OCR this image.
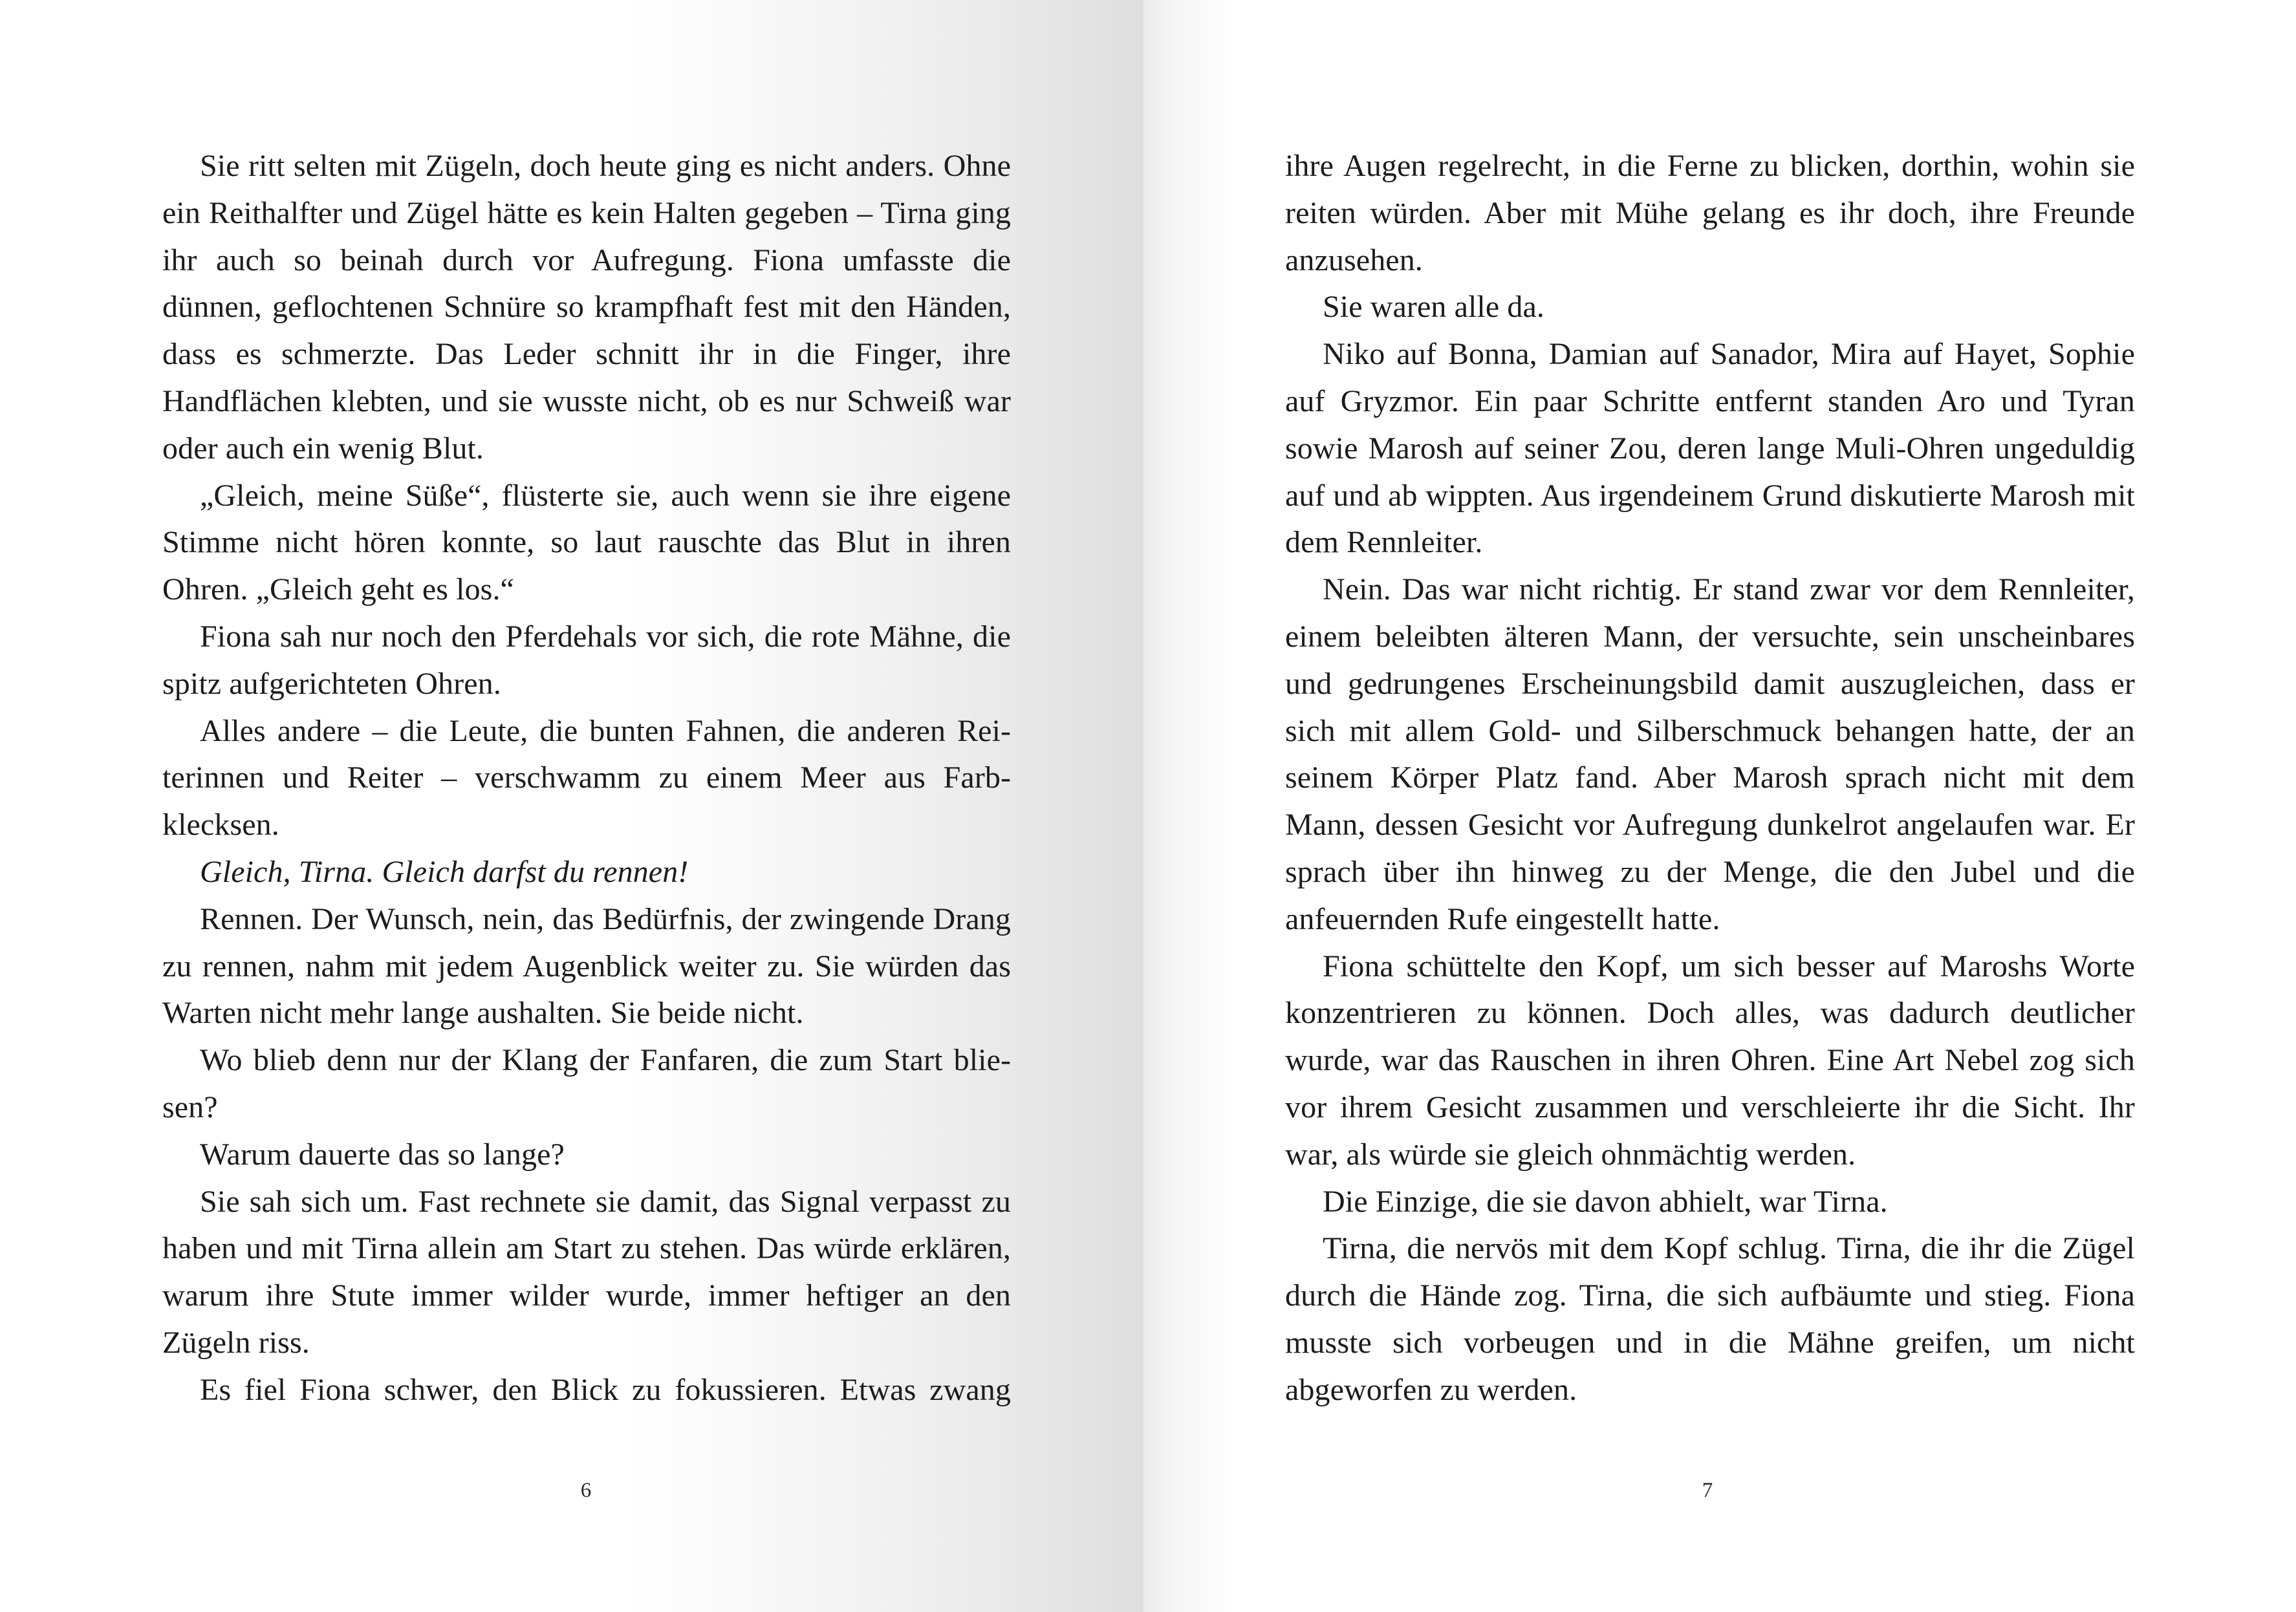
Sie ritt selten mit Zügeln, doch heute ging es nicht anders. Ohne ein Reithalfter und Zügel hätte es kein Halten gegeben – Tirna ging ihr auch so beinah durch vor Aufregung. Fiona umfasste die dünnen, geflochtenen Schnüre so krampfhaft fest mit den Händen, dass es schmerzte. Das Leder schnitt ihr in die Finger, ihre Handflächen klebten, und sie wusste nicht, ob es nur Schweiß war oder auch ein wenig Blut.

„Gleich, meine Süße“, flüsterte sie, auch wenn sie ihre eigene Stimme nicht hören konnte, so laut rauschte das Blut in ihren Ohren. „Gleich geht es los.“

Fiona sah nur noch den Pferdehals vor sich, die rote Mähne, die spitz aufgerichteten Ohren.

Alles andere – die Leute, die bunten Fahnen, die anderen Reiterinnen und Reiter – verschwamm zu einem Meer aus Farbklecksen.

Gleich, Tirna. Gleich darfst du rennen!

Rennen. Der Wunsch, nein, das Bedürfnis, der zwingende Drang zu rennen, nahm mit jedem Augenblick weiter zu. Sie würden das Warten nicht mehr lange aushalten. Sie beide nicht.

Wo blieb denn nur der Klang der Fanfaren, die zum Start bliesen?

Warum dauerte das so lange?

Sie sah sich um. Fast rechnete sie damit, das Signal verpasst zu haben und mit Tirna allein am Start zu stehen. Das würde erklären, warum ihre Stute immer wilder wurde, immer heftiger an den Zügeln riss.

Es fiel Fiona schwer, den Blick zu fokussieren. Etwas zwang

6

ihre Augen regelrecht, in die Ferne zu blicken, dorthin, wohin sie reiten würden. Aber mit Mühe gelang es ihr doch, ihre Freunde anzusehen.

Sie waren alle da.

Niko auf Bonna, Damian auf Sanador, Mira auf Hayet, Sophie auf Gryzmor. Ein paar Schritte entfernt standen Aro und Tyran sowie Marosh auf seiner Zou, deren lange Muli-Ohren ungeduldig auf und ab wippten. Aus irgendeinem Grund diskutierte Marosh mit dem Rennleiter.

Nein. Das war nicht richtig. Er stand zwar vor dem Rennleiter, einem beleibten älteren Mann, der versuchte, sein unscheinbares und gedrungenes Erscheinungsbild damit auszugleichen, dass er sich mit allem Gold- und Silberschmuck behangen hatte, der an seinem Körper Platz fand. Aber Marosh sprach nicht mit dem Mann, dessen Gesicht vor Aufregung dunkelrot angelaufen war. Er sprach über ihn hinweg zu der Menge, die den Jubel und die anfeuernden Rufe eingestellt hatte.

Fiona schüttelte den Kopf, um sich besser auf Maroshs Worte konzentrieren zu können. Doch alles, was dadurch deutlicher wurde, war das Rauschen in ihren Ohren. Eine Art Nebel zog sich vor ihrem Gesicht zusammen und verschleierte ihr die Sicht. Ihr war, als würde sie gleich ohnmächtig werden.

Die Einzige, die sie davon abhielt, war Tirna.

Tirna, die nervös mit dem Kopf schlug. Tirna, die ihr die Zügel durch die Hände zog. Tirna, die sich aufbäumte und stieg. Fiona musste sich vorbeugen und in die Mähne greifen, um nicht abgeworfen zu werden.

7
